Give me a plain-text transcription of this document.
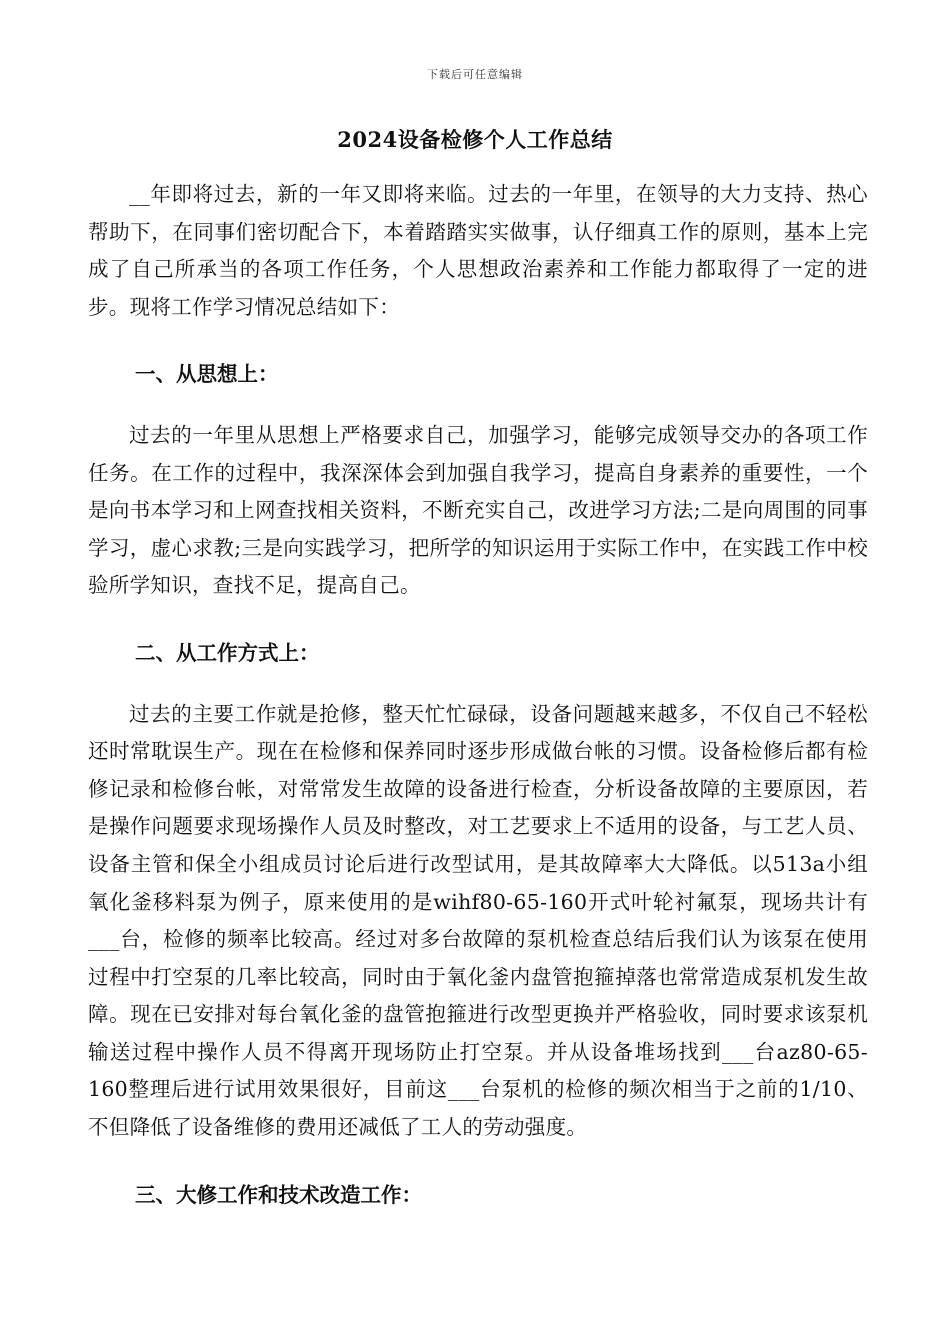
下载后可任意编辑
2024设备检修个人工作总结

__年即将过去，新的一年又即将来临。过去的一年里，在领导的大力支持、热心帮助下，在同事们密切配合下，本着踏踏实实做事，认仔细真工作的原则，基本上完成了自己所承当的各项工作任务，个人思想政治素养和工作能力都取得了一定的进步。现将工作学习情况总结如下：

一、从思想上：

过去的一年里从思想上严格要求自己，加强学习，能够完成领导交办的各项工作任务。在工作的过程中，我深深体会到加强自我学习，提高自身素养的重要性，一个是向书本学习和上网查找相关资料，不断充实自己，改进学习方法;二是向周围的同事学习，虚心求教;三是向实践学习，把所学的知识运用于实际工作中，在实践工作中校验所学知识，查找不足，提高自己。

二、从工作方式上：

过去的主要工作就是抢修，整天忙忙碌碌，设备问题越来越多，不仅自己不轻松还时常耽误生产。现在在检修和保养同时逐步形成做台帐的习惯。设备检修后都有检修记录和检修台帐，对常常发生故障的设备进行检查，分析设备故障的主要原因，若是操作问题要求现场操作人员及时整改，对工艺要求上不适用的设备，与工艺人员、设备主管和保全小组成员讨论后进行改型试用，是其故障率大大降低。以513a小组氧化釜移料泵为例子，原来使用的是wihf80-65-160开式叶轮衬氟泵，现场共计有___台，检修的频率比较高。经过对多台故障的泵机检查总结后我们认为该泵在使用过程中打空泵的几率比较高，同时由于氧化釜内盘管抱箍掉落也常常造成泵机发生故障。现在已安排对每台氧化釜的盘管抱箍进行改型更换并严格验收，同时要求该泵机输送过程中操作人员不得离开现场防止打空泵。并从设备堆场找到___台az80-65-160整理后进行试用效果很好，目前这___台泵机的检修的频次相当于之前的1/10、不但降低了设备维修的费用还减低了工人的劳动强度。

三、大修工作和技术改造工作：
